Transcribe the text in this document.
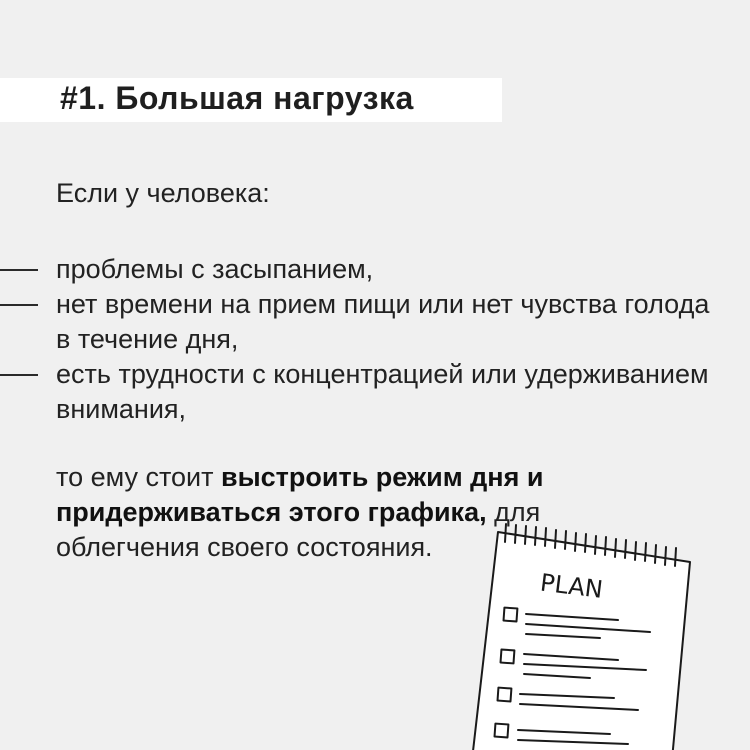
#1. Большая нагрузка
Если у человека:
проблемы с засыпанием,
нет времени на прием пищи или нет чувства голода в течение дня,
есть трудности с концентрацией или удерживанием внимания,
то ему стоит выстроить режим дня и придерживаться этого графика, для облегчения своего состояния.
PLAN
